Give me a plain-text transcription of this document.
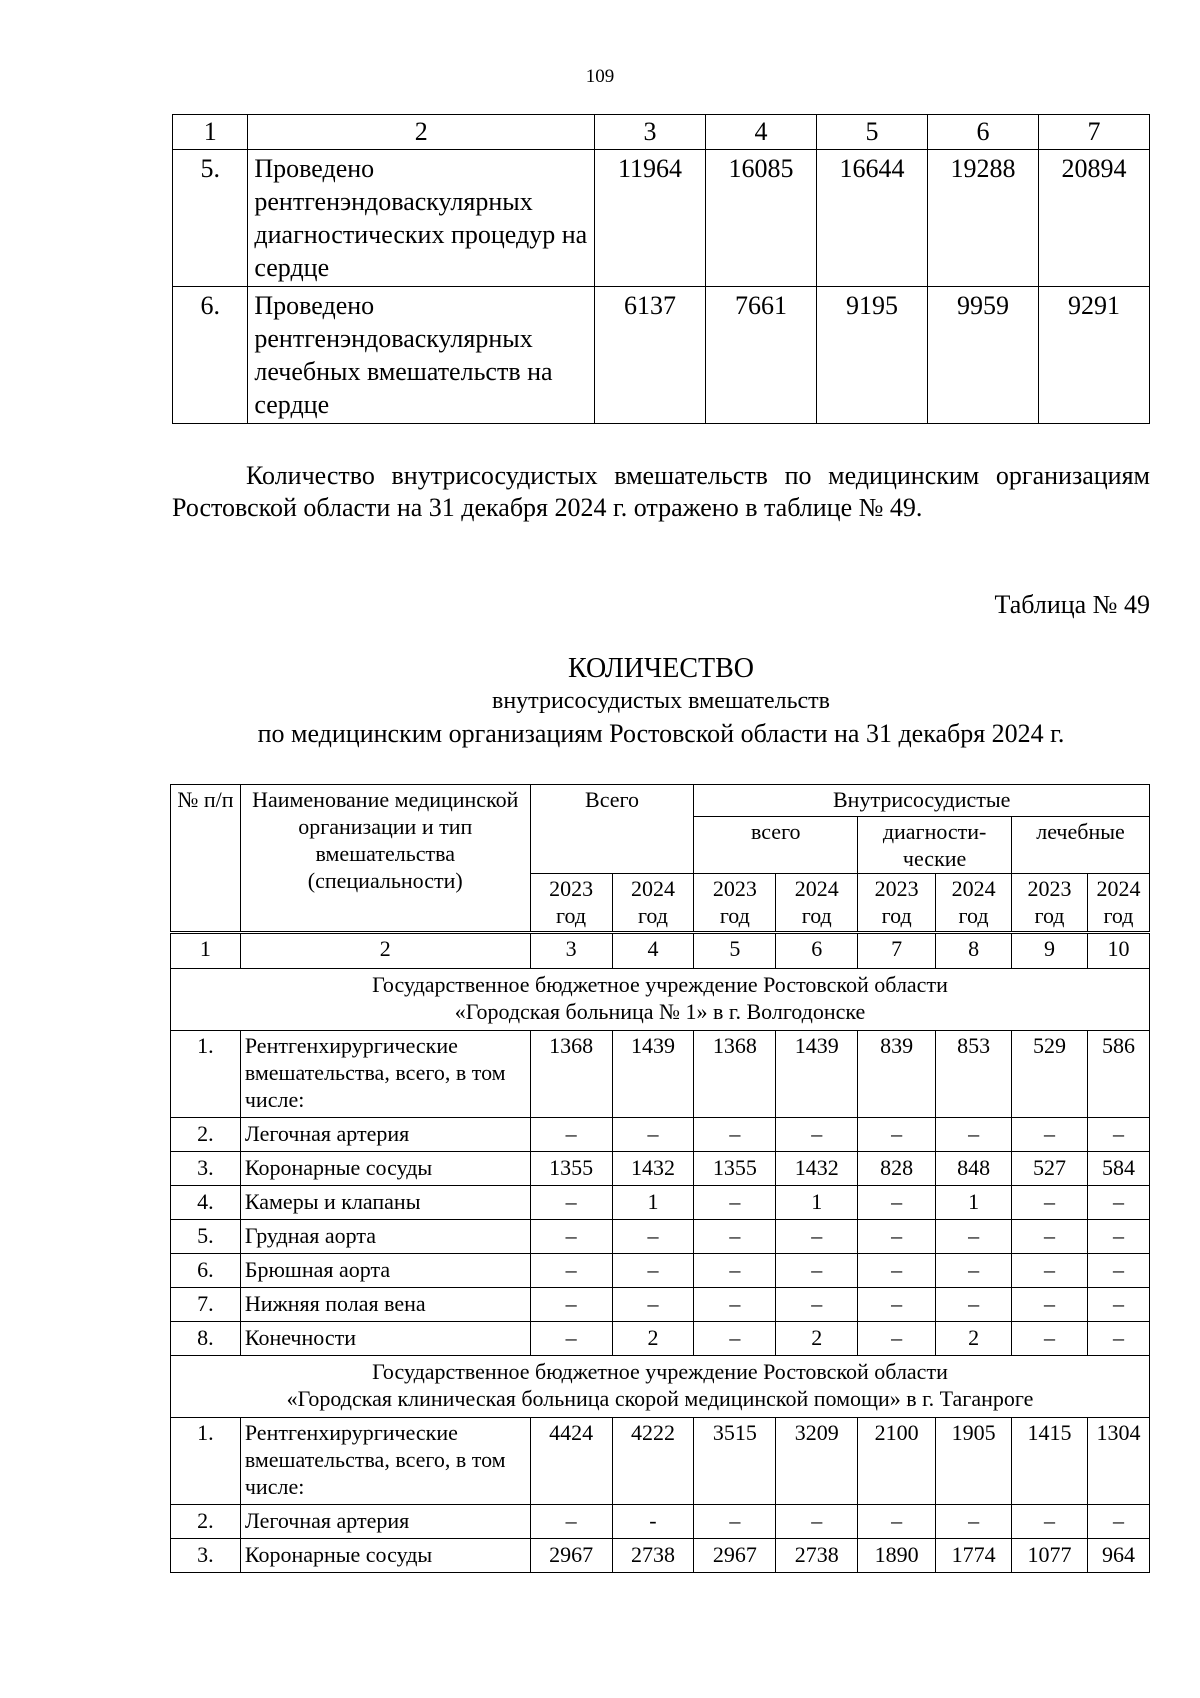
109
1	2	3	4	5	6	7
5.	Проведено рентгенэндоваскулярных диагностических процедур на сердце	11964	16085	16644	19288	20894
6.	Проведено рентгенэндоваскулярных лечебных вмешательств на сердце	6137	7661	9195	9959	9291
Количество внутрисосудистых вмешательств по медицинским организациям Ростовской области на 31 декабря 2024 г. отражено в таблице № 49.
Таблица № 49
КОЛИЧЕСТВО
внутрисосудистых вмешательств
по медицинским организациям Ростовской области на 31 декабря 2024 г.
№ п/п	Наименование медицинской организации и тип вмешательства (специальности)	Всего		Внутрисосудистые					
				всего		диагности-ческие		лечебные	
		2023 год	2024 год	2023 год	2024 год	2023 год	2024 год	2023 год	2024 год
1	2	3	4	5	6	7	8	9	10

Государственное бюджетное учреждение Ростовской области
«Городская больница № 1» в г. Волгодонске									

1.	Рентгенхирургические вмешательства, всего, в том числе:	1368	1439	1368	1439	839	853	529	586
2.	Легочная артерия	–	–	–	–	–	–	–	–
3.	Коронарные сосуды	1355	1432	1355	1432	828	848	527	584
4.	Камеры и клапаны	–	1	–	1	–	1	–	–
5.	Грудная аорта	–	–	–	–	–	–	–	–
6.	Брюшная аорта	–	–	–	–	–	–	–	–
7.	Нижняя полая вена	–	–	–	–	–	–	–	–
8.	Конечности	–	2	–	2	–	2	–	–

Государственное бюджетное учреждение Ростовской области
«Городская клиническая больница скорой медицинской помощи» в г. Таганроге									

1.	Рентгенхирургические вмешательства, всего, в том числе:	4424	4222	3515	3209	2100	1905	1415	1304
2.	Легочная артерия	–	-	–	–	–	–	–	–
3.	Коронарные сосуды	2967	2738	2967	2738	1890	1774	1077	964
